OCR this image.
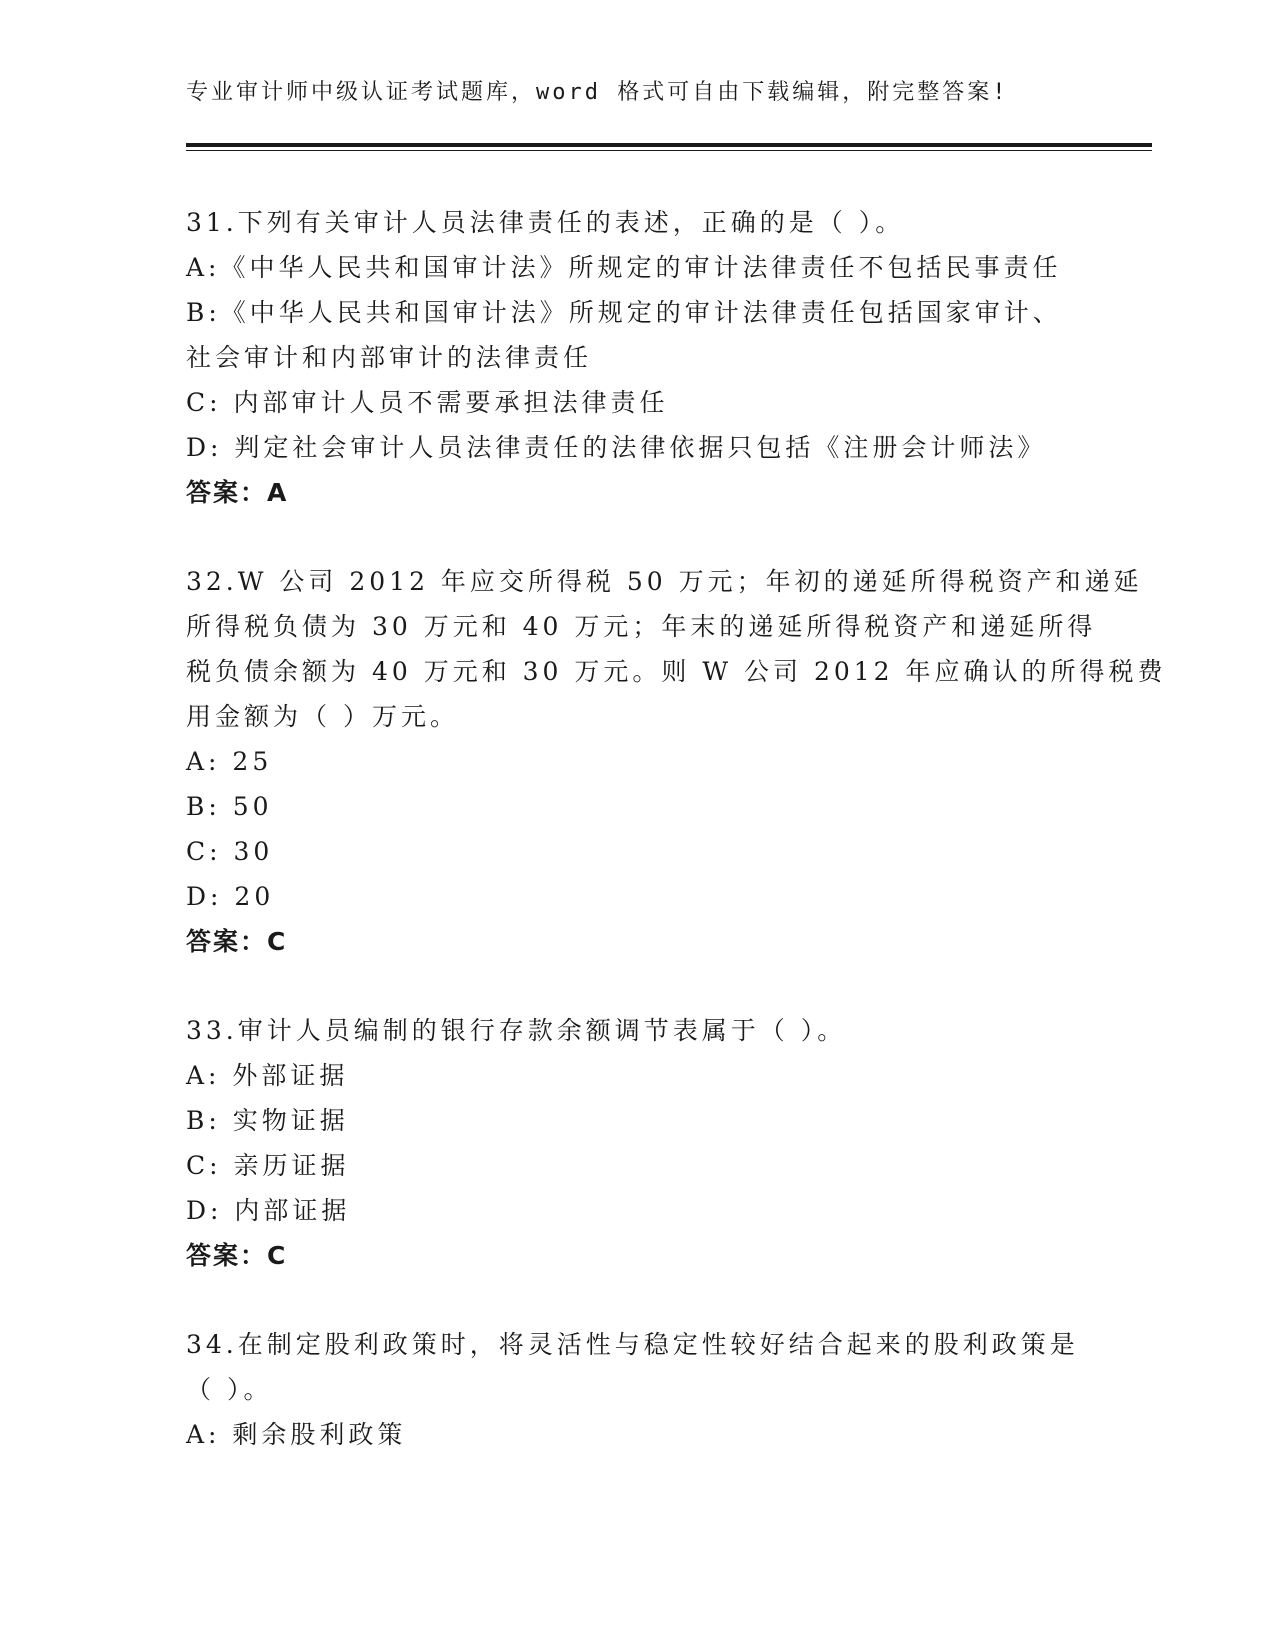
专业审计师中级认证考试题库，word 格式可自由下载编辑，附完整答案!
31.下列有关审计人员法律责任的表述，正确的是（ ）。
A:《中华人民共和国审计法》所规定的审计法律责任不包括民事责任
B:《中华人民共和国审计法》所规定的审计法律责任包括国家审计、
社会审计和内部审计的法律责任
C: 内部审计人员不需要承担法律责任
D: 判定社会审计人员法律责任的法律依据只包括《注册会计师法》
答案：A
32.W 公司 2012 年应交所得税 50 万元；年初的递延所得税资产和递延
所得税负债为 30 万元和 40 万元；年末的递延所得税资产和递延所得
税负债余额为 40 万元和 30 万元。则 W 公司 2012 年应确认的所得税费
用金额为（ ）万元。
A: 25
B: 50
C: 30
D: 20
答案：C
33.审计人员编制的银行存款余额调节表属于（ ）。
A: 外部证据
B: 实物证据
C: 亲历证据
D: 内部证据
答案：C
34.在制定股利政策时，将灵活性与稳定性较好结合起来的股利政策是
（ ）。
A: 剩余股利政策
